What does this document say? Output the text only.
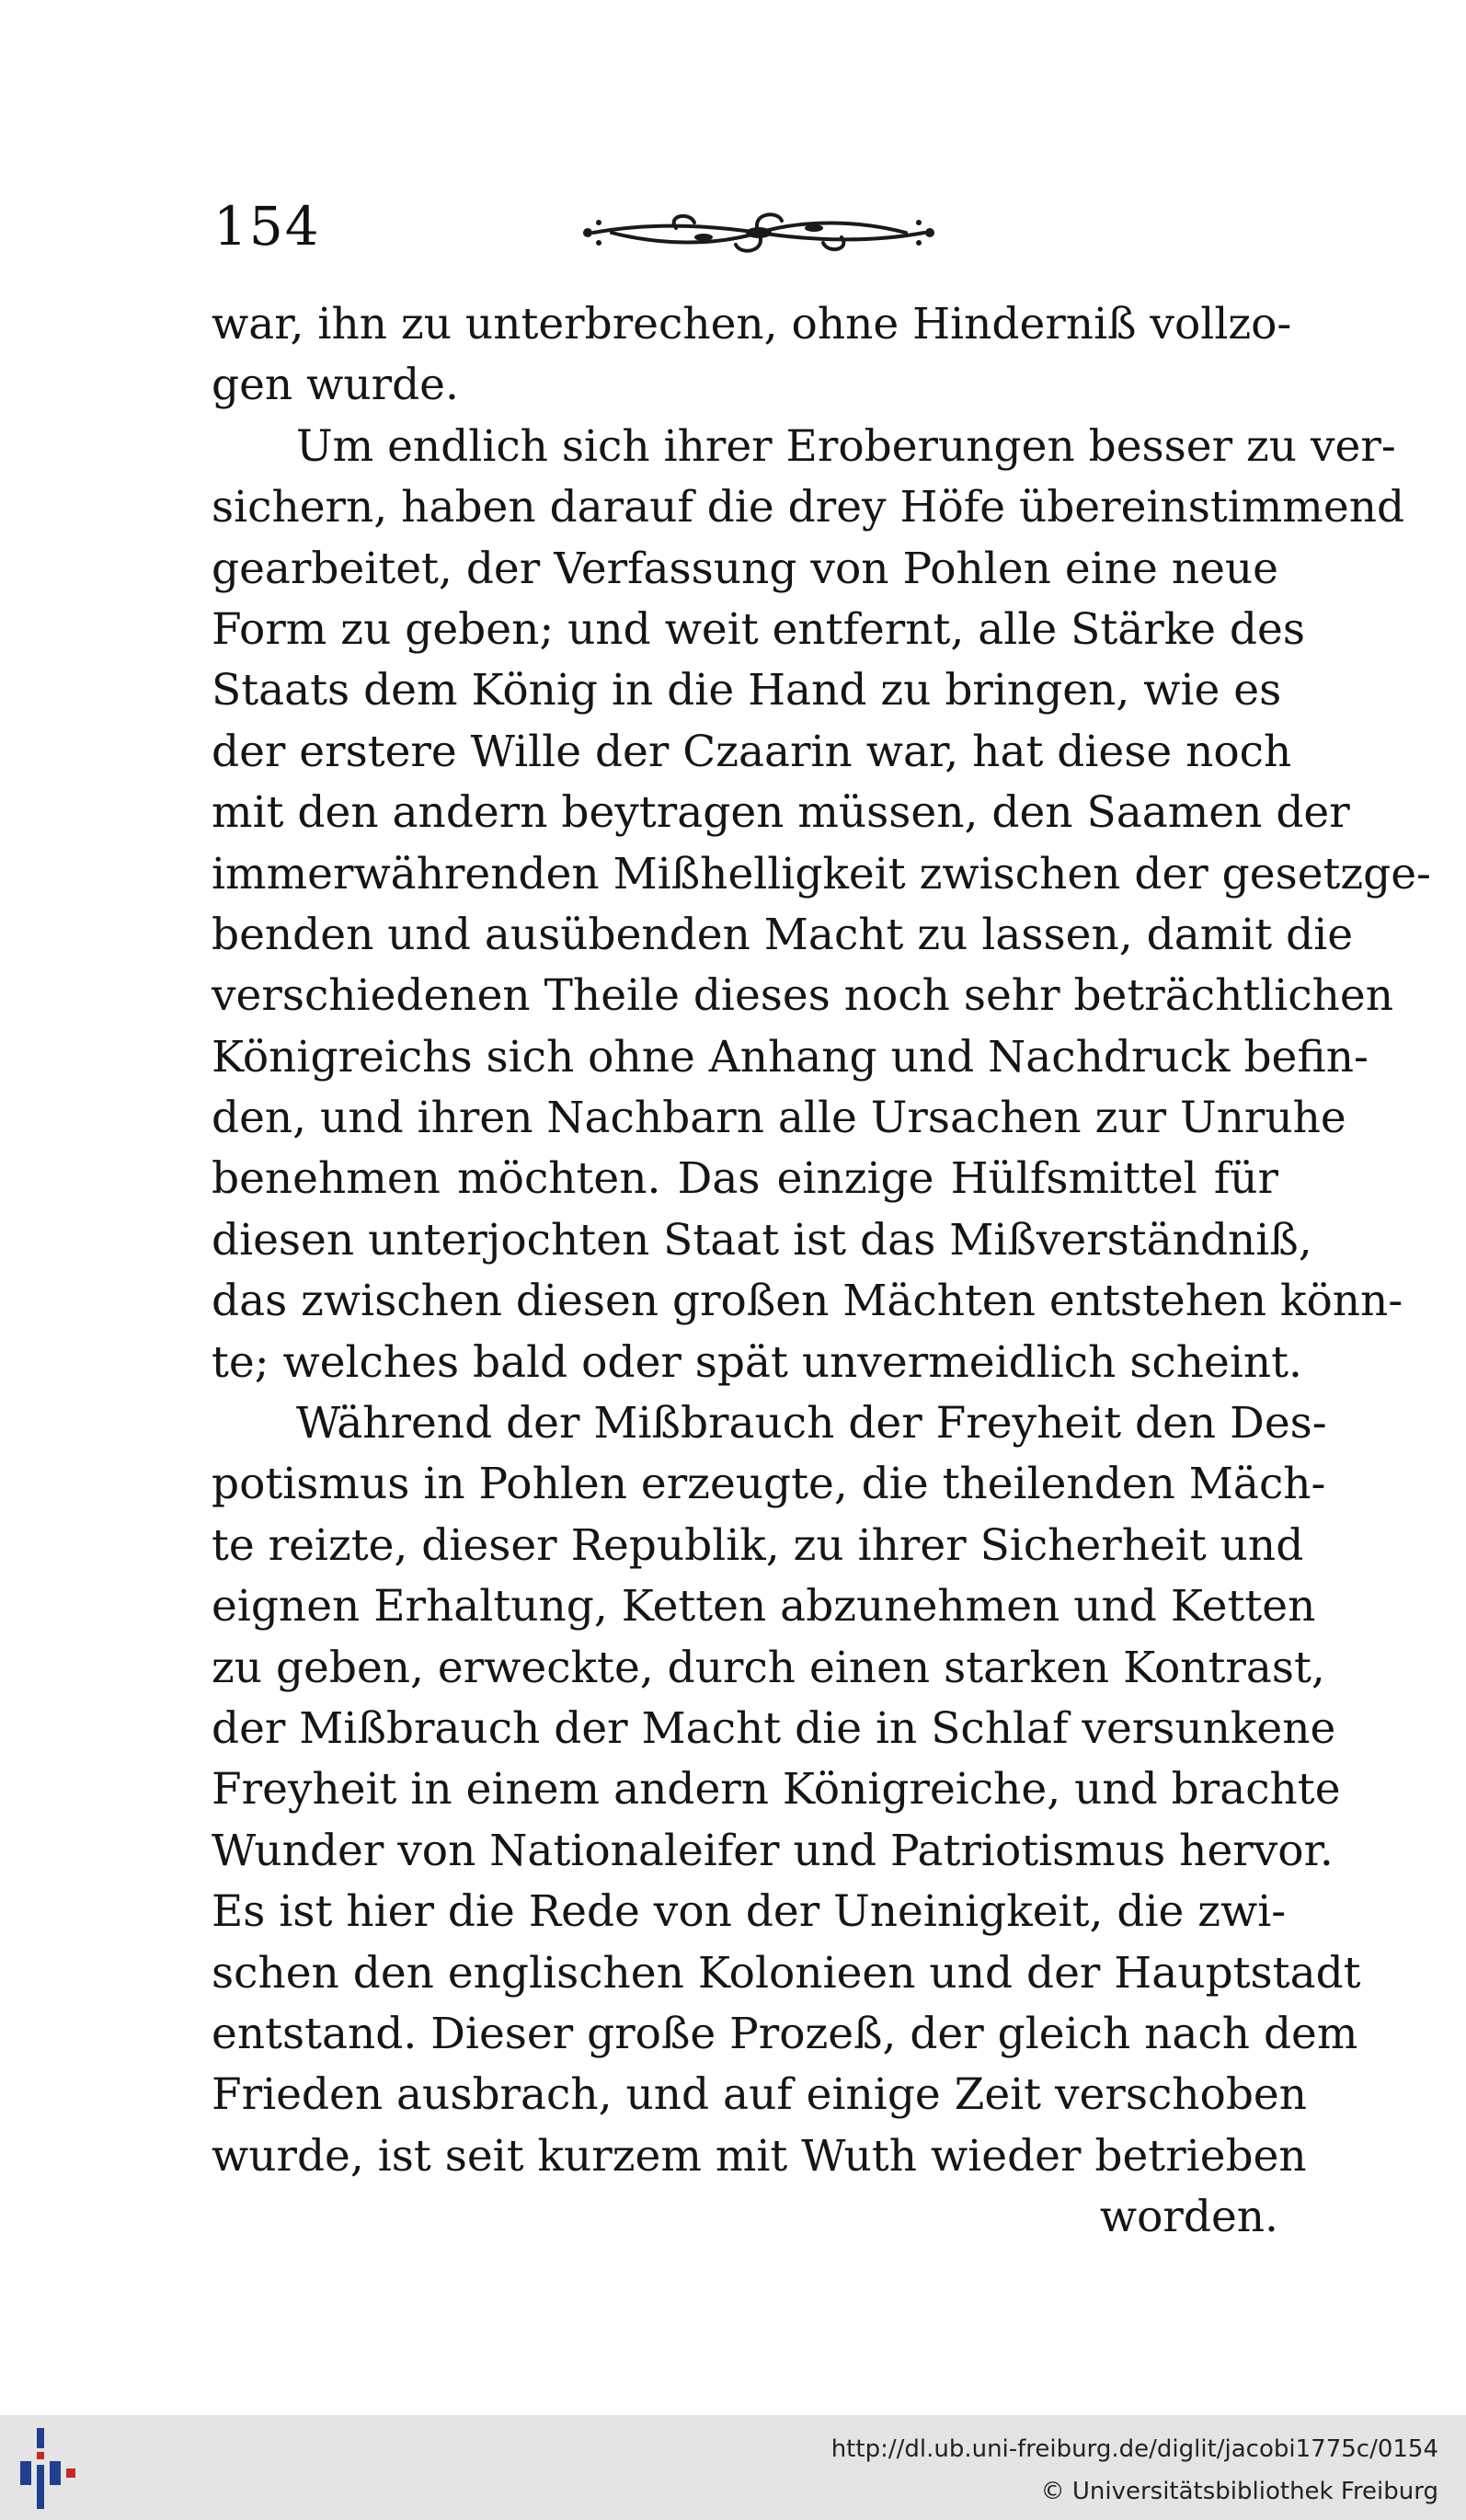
154
war, ihn zu unterbrechen, ohne Hinderniß vollzo-
gen wurde.
Um endlich sich ihrer Eroberungen besser zu ver-
sichern, haben darauf die drey Höfe übereinstimmend
gearbeitet, der Verfassung von Pohlen eine neue
Form zu geben; und weit entfernt, alle Stärke des
Staats dem König in die Hand zu bringen, wie es
der erstere Wille der Czaarin war, hat diese noch
mit den andern beytragen müssen, den Saamen der
immerwährenden Mißhelligkeit zwischen der gesetzge-
benden und ausübenden Macht zu lassen, damit die
verschiedenen Theile dieses noch sehr beträchtlichen
Königreichs sich ohne Anhang und Nachdruck befin-
den, und ihren Nachbarn alle Ursachen zur Unruhe
benehmen möchten. Das einzige Hülfsmittel für
diesen unterjochten Staat ist das Mißverständniß,
das zwischen diesen großen Mächten entstehen könn-
te; welches bald oder spät unvermeidlich scheint.
Während der Mißbrauch der Freyheit den Des-
potismus in Pohlen erzeugte, die theilenden Mäch-
te reizte, dieser Republik, zu ihrer Sicherheit und
eignen Erhaltung, Ketten abzunehmen und Ketten
zu geben, erweckte, durch einen starken Kontrast,
der Mißbrauch der Macht die in Schlaf versunkene
Freyheit in einem andern Königreiche, und brachte
Wunder von Nationaleifer und Patriotismus hervor.
Es ist hier die Rede von der Uneinigkeit, die zwi-
schen den englischen Kolonieen und der Hauptstadt
entstand. Dieser große Prozeß, der gleich nach dem
Frieden ausbrach, und auf einige Zeit verschoben
wurde, ist seit kurzem mit Wuth wieder betrieben
worden.
http://dl.ub.uni-freiburg.de/diglit/jacobi1775c/0154
© Universitätsbibliothek Freiburg
